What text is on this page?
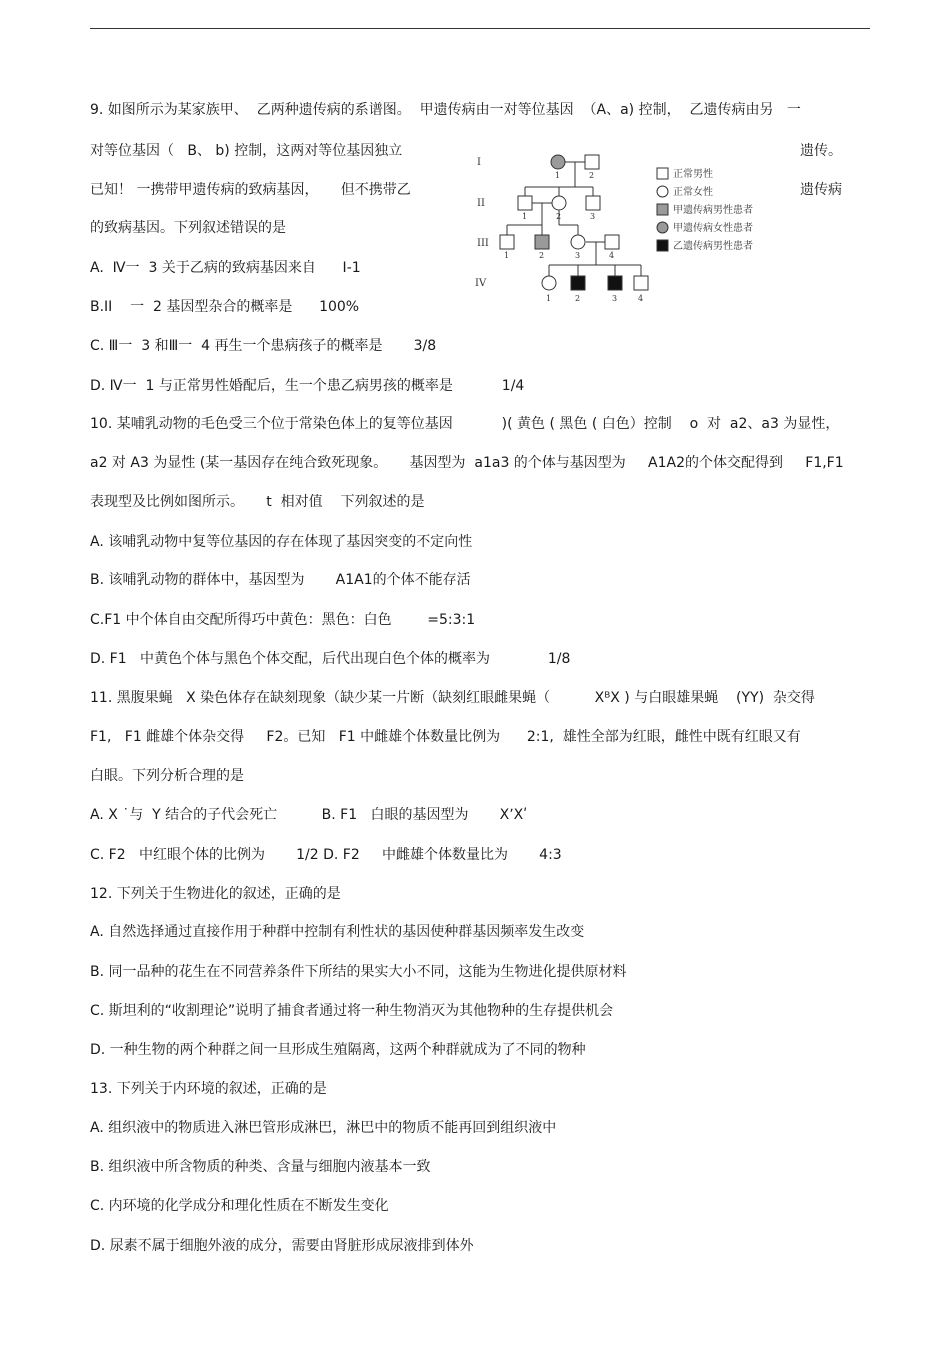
9. 如图所示为某家族甲、  乙两种遗传病的系谱图。  甲遗传病由一对等位基因  （A、a) 控制，  乙遗传病由另   一
对等位基因（   B、 b) 控制，这两对等位基因独立	遗传。
已知！ 一携带甲遗传病的致病基因，     但不携带乙	遗传病
的致病基因。下列叙述错误的是
A.  Ⅳ一  3 关于乙病的致病基因来自      I-1
B.II    一  2 基因型杂合的概率是      100%
C. Ⅲ一  3 和Ⅲ一  4 再生一个患病孩子的概率是       3/8
D. Ⅳ一  1 与正常男性婚配后，生一个患乙病男孩的概率是           1/4
I
II
III
IV
1	2
1	2	3
1	2	3	4
1	2	3	4
正常男性
正常女性
甲遗传病男性患者
甲遗传病女性患者
乙遗传病男性患者
10. 某哺乳动物的毛色受三个位于常染色体上的复等位基因           )( 黄色 ( 黑色 ( 白色）控制    o  对  a2、a3 为显性，
a2 对 A3 为显性 (某一基因存在纯合致死现象。     基因型为  a1a3 的个体与基因型为     A1A2的个体交配得到     F1,F1
表现型及比例如图所示。     t  相对值    下列叙述的是
A. 该哺乳动物中复等位基因的存在体现了基因突变的不定向性
B. 该哺乳动物的群体中，基因型为       A1A1的个体不能存活
C.F1 中个体自由交配所得巧中黄色：黑色：白色        =5:3:1
D. F1   中黄色个体与黑色个体交配，后代出现白色个体的概率为             1/8
11. 黑腹果蝇   X 染色体存在缺刻现象（缺少某一片断（缺刻红眼雌果蝇（          XᴮX ) 与白眼雄果蝇    (YY)  杂交得
F1,   F1 雌雄个体杂交得     F2。已知   F1 中雌雄个体数量比例为      2:1,  雄性全部为红眼，雌性中既有红眼又有
白眼。下列分析合理的是
A. X ˙与  Y 结合的子代会死亡          B. F1   白眼的基因型为       XʼXʹ
C. F2   中红眼个体的比例为       1/2 D. F2     中雌雄个体数量比为       4:3
12. 下列关于生物进化的叙述，正确的是
A. 自然选择通过直接作用于种群中控制有利性状的基因使种群基因频率发生改变
B. 同一品种的花生在不同营养条件下所结的果实大小不同，这能为生物进化提供原材料
C. 斯坦利的“收割理论”说明了捕食者通过将一种生物消灭为其他物种的生存提供机会
D. 一种生物的两个种群之间一旦形成生殖隔离，这两个种群就成为了不同的物种
13. 下列关于内环境的叙述，正确的是
A. 组织液中的物质进入淋巴管形成淋巴，淋巴中的物质不能再回到组织液中
B. 组织液中所含物质的种类、含量与细胞内液基本一致
C. 内环境的化学成分和理化性质在不断发生变化
D. 尿素不属于细胞外液的成分，需要由肾脏形成尿液排到体外
